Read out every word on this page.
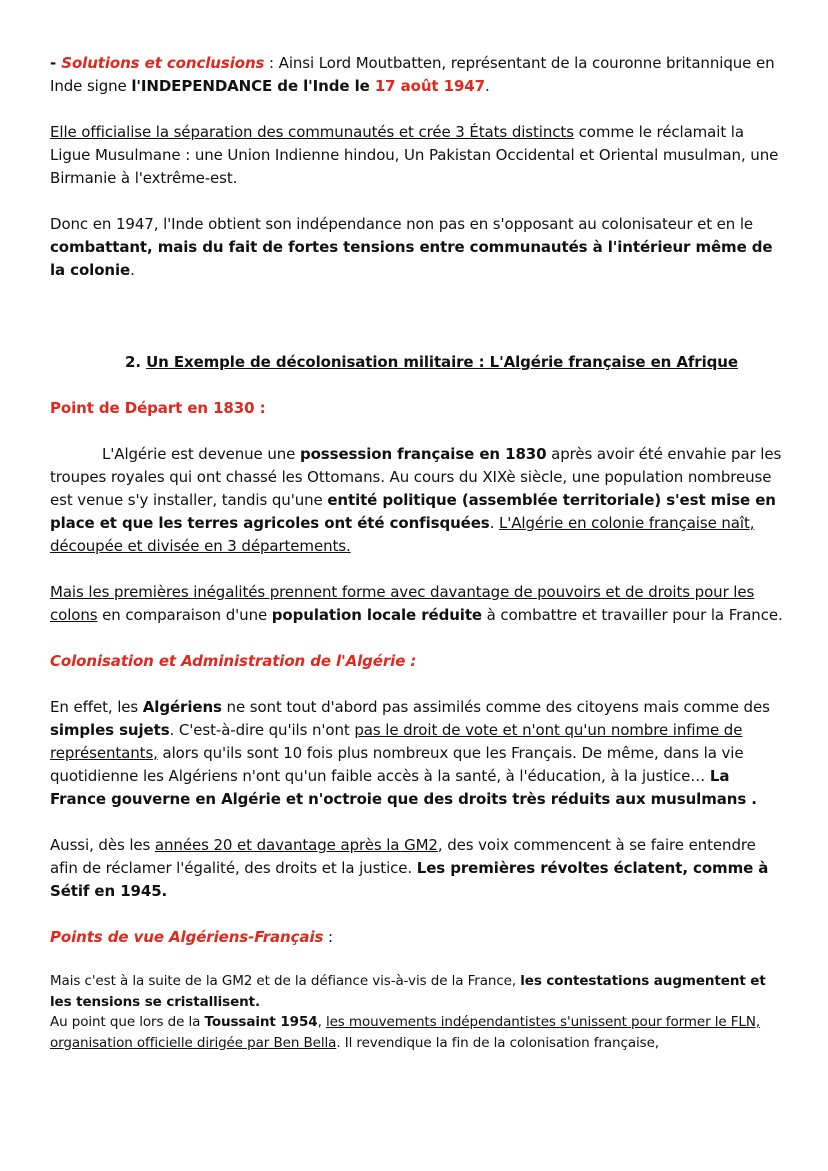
- Solutions et conclusions : Ainsi Lord Moutbatten, représentant de la couronne britannique en Inde signe l'INDEPENDANCE de l'Inde le 17 août 1947.

Elle officialise la séparation des communautés et crée 3 États distincts comme le réclamait la Ligue Musulmane : une Union Indienne hindou, Un Pakistan Occidental et Oriental musulman, une Birmanie à l'extrême-est.

Donc en 1947, l'Inde obtient son indépendance non pas en s'opposant au colonisateur et en le combattant, mais du fait de fortes tensions entre communautés à l'intérieur même de la colonie.

2. Un Exemple de décolonisation militaire : L'Algérie française en Afrique

Point de Départ en 1830 :

L'Algérie est devenue une possession française en 1830 après avoir été envahie par les troupes royales qui ont chassé les Ottomans. Au cours du XIXè siècle, une population nombreuse est venue s'y installer, tandis qu'une entité politique (assemblée territoriale) s'est mise en place et que les terres agricoles ont été confisquées. L'Algérie en colonie française naît, découpée et divisée en 3 départements.

Mais les premières inégalités prennent forme avec davantage de pouvoirs et de droits pour les colons en comparaison d'une population locale réduite à combattre et travailler pour la France.

Colonisation et Administration de l'Algérie :

En effet, les Algériens ne sont tout d'abord pas assimilés comme des citoyens mais comme des simples sujets. C'est-à-dire qu'ils n'ont pas le droit de vote et n'ont qu'un nombre infime de représentants, alors qu'ils sont 10 fois plus nombreux que les Français. De même, dans la vie quotidienne les Algériens n'ont qu'un faible accès à la santé, à l'éducation, à la justice… La France gouverne en Algérie et n'octroie que des droits très réduits aux musulmans .

Aussi, dès les années 20 et davantage après la GM2, des voix commencent à se faire entendre afin de réclamer l'égalité, des droits et la justice. Les premières révoltes éclatent, comme à Sétif en 1945.

Points de vue Algériens-Français :

Mais c'est à la suite de la GM2 et de la défiance vis-à-vis de la France, les contestations augmentent et les tensions se cristallisent.
Au point que lors de la Toussaint 1954, les mouvements indépendantistes s'unissent pour former le FLN, organisation officielle dirigée par Ben Bella. Il revendique la fin de la colonisation française,
